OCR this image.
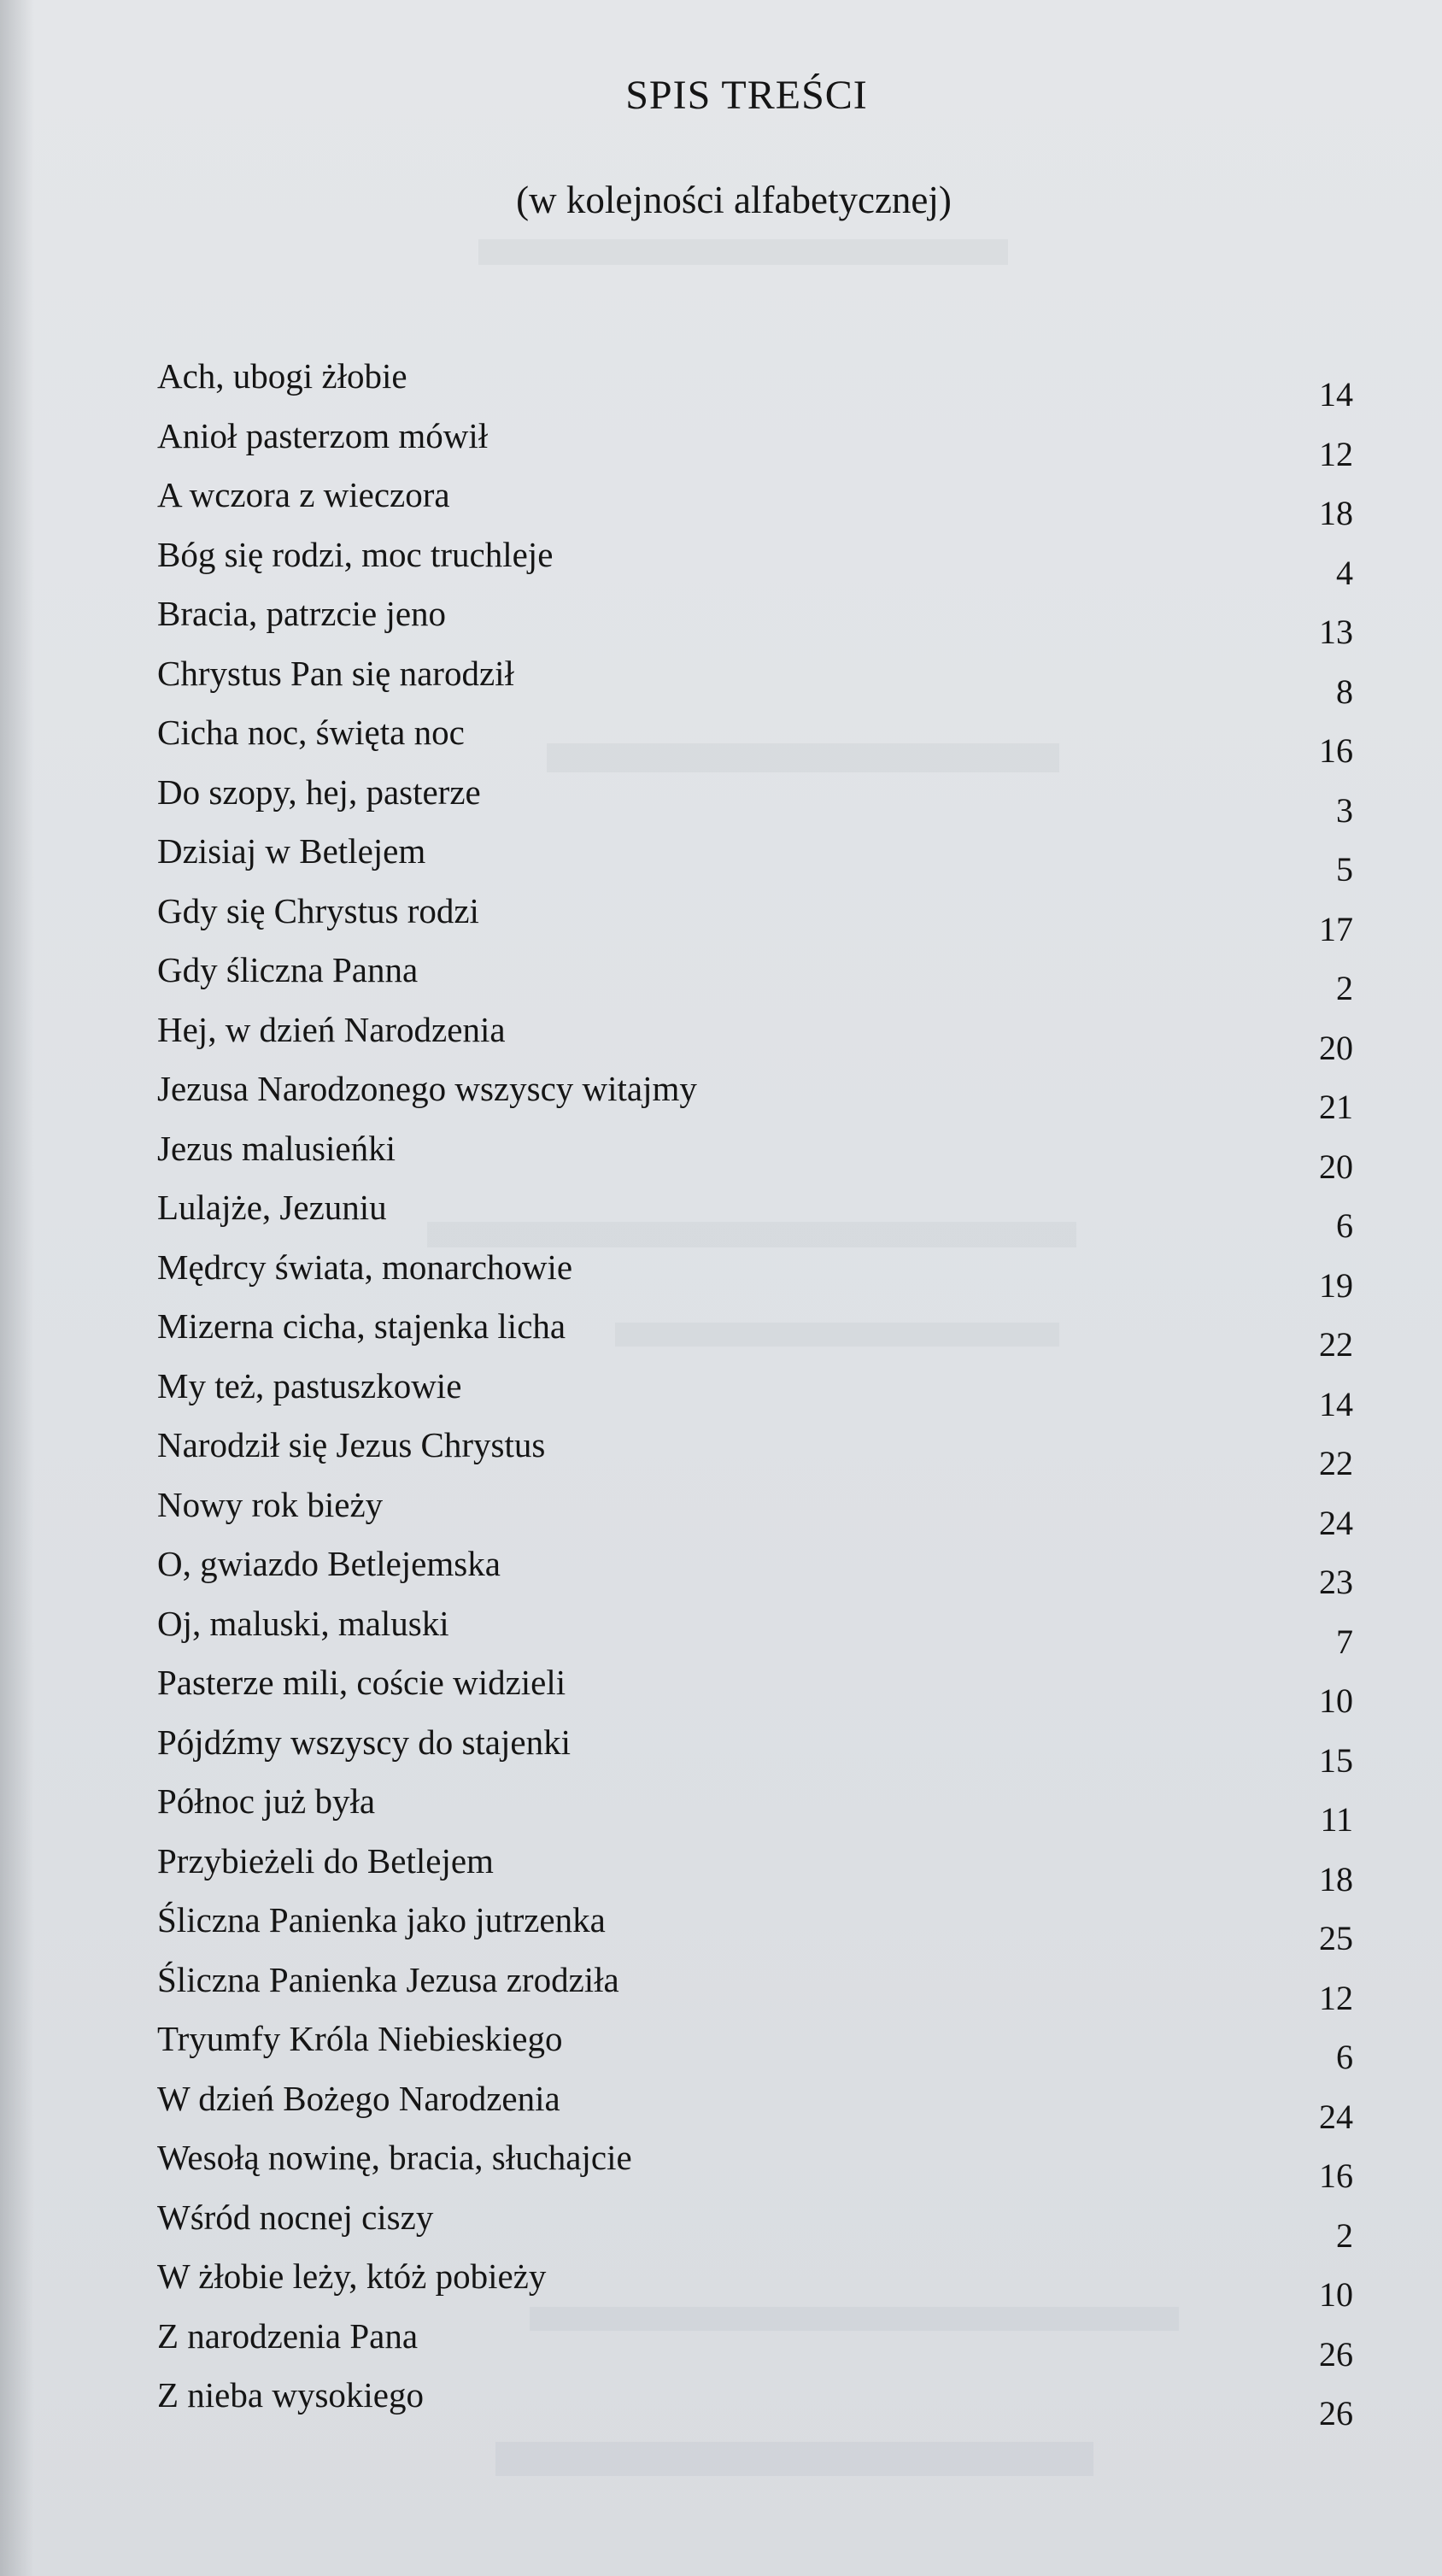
SPIS TREŚCI
(w kolejności alfabetycznej)
Ach, ubogi żłobie	14
Anioł pasterzom mówił	12
A wczora z wieczora	18
Bóg się rodzi, moc truchleje	4
Bracia, patrzcie jeno	13
Chrystus Pan się narodził	8
Cicha noc, święta noc	16
Do szopy, hej, pasterze	3
Dzisiaj w Betlejem	5
Gdy się Chrystus rodzi	17
Gdy śliczna Panna	2
Hej, w dzień Narodzenia	20
Jezusa Narodzonego wszyscy witajmy	21
Jezus malusieńki	20
Lulajże, Jezuniu	6
Mędrcy świata, monarchowie	19
Mizerna cicha, stajenka licha	22
My też, pastuszkowie	14
Narodził się Jezus Chrystus	22
Nowy rok bieży	24
O, gwiazdo Betlejemska	23
Oj, maluski, maluski	7
Pasterze mili, coście widzieli	10
Pójdźmy wszyscy do stajenki	15
Północ już była	11
Przybieżeli do Betlejem	18
Śliczna Panienka jako jutrzenka	25
Śliczna Panienka Jezusa zrodziła	12
Tryumfy Króla Niebieskiego	6
W dzień Bożego Narodzenia	24
Wesołą nowinę, bracia, słuchajcie	16
Wśród nocnej ciszy	2
W żłobie leży, któż pobieży	10
Z narodzenia Pana	26
Z nieba wysokiego	26
